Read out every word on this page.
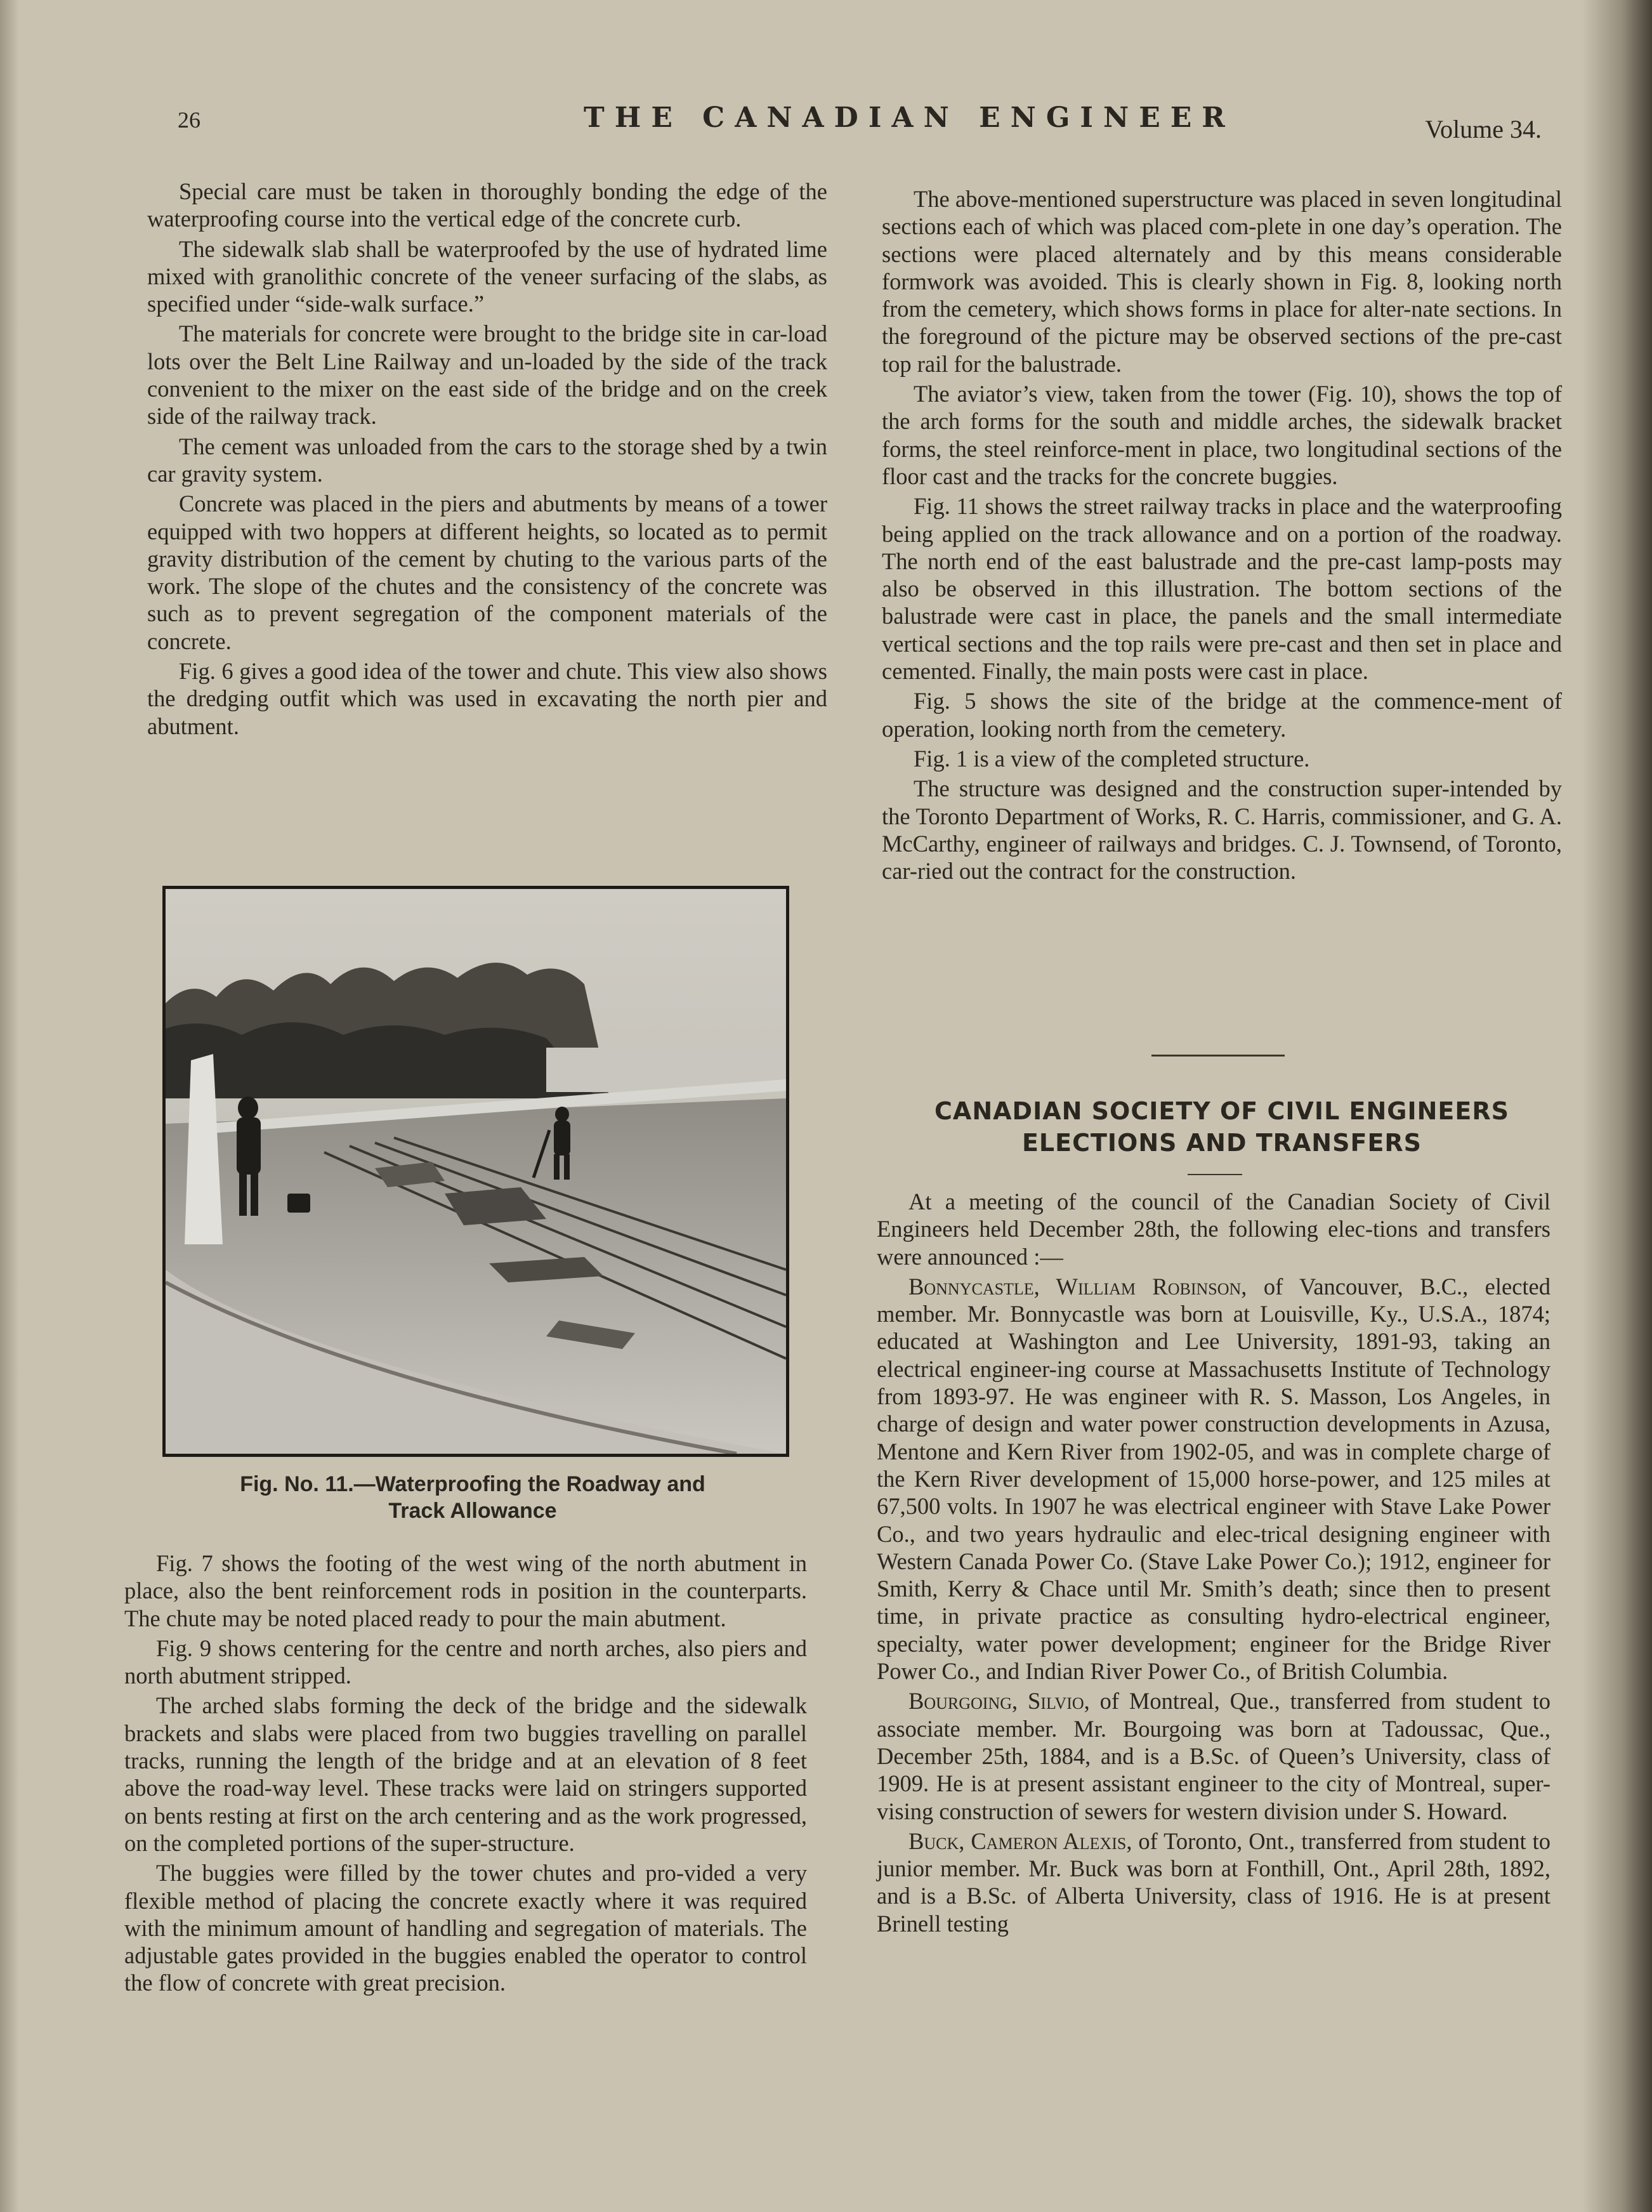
26	THE CANADIAN ENGINEER	Volume 34.

Special care must be taken in thoroughly bonding the edge of the waterproofing course into the vertical edge of the concrete curb.

The sidewalk slab shall be waterproofed by the use of hydrated lime mixed with granolithic concrete of the veneer surfacing of the slabs, as specified under “side-walk surface.”

The materials for concrete were brought to the bridge site in car-load lots over the Belt Line Railway and un-loaded by the side of the track convenient to the mixer on the east side of the bridge and on the creek side of the railway track.

The cement was unloaded from the cars to the storage shed by a twin car gravity system.

Concrete was placed in the piers and abutments by means of a tower equipped with two hoppers at different heights, so located as to permit gravity distribution of the cement by chuting to the various parts of the work. The slope of the chutes and the consistency of the concrete was such as to prevent segregation of the component materials of the concrete.

Fig. 6 gives a good idea of the tower and chute. This view also shows the dredging outfit which was used in excavating the north pier and abutment.

Fig. No. 11.—Waterproofing the Roadway and
Track Allowance

Fig. 7 shows the footing of the west wing of the north abutment in place, also the bent reinforcement rods in position in the counterparts. The chute may be noted placed ready to pour the main abutment.

Fig. 9 shows centering for the centre and north arches, also piers and north abutment stripped.

The arched slabs forming the deck of the bridge and the sidewalk brackets and slabs were placed from two buggies travelling on parallel tracks, running the length of the bridge and at an elevation of 8 feet above the road-way level. These tracks were laid on stringers supported on bents resting at first on the arch centering and as the work progressed, on the completed portions of the super-structure.

The buggies were filled by the tower chutes and pro-vided a very flexible method of placing the concrete exactly where it was required with the minimum amount of handling and segregation of materials. The adjustable gates provided in the buggies enabled the operator to control the flow of concrete with great precision.

The above-mentioned superstructure was placed in seven longitudinal sections each of which was placed com-plete in one day’s operation. The sections were placed alternately and by this means considerable formwork was avoided. This is clearly shown in Fig. 8, looking north from the cemetery, which shows forms in place for alter-nate sections. In the foreground of the picture may be observed sections of the pre-cast top rail for the balustrade.

The aviator’s view, taken from the tower (Fig. 10), shows the top of the arch forms for the south and middle arches, the sidewalk bracket forms, the steel reinforce-ment in place, two longitudinal sections of the floor cast and the tracks for the concrete buggies.

Fig. 11 shows the street railway tracks in place and the waterproofing being applied on the track allowance and on a portion of the roadway. The north end of the east balustrade and the pre-cast lamp-posts may also be observed in this illustration. The bottom sections of the balustrade were cast in place, the panels and the small intermediate vertical sections and the top rails were pre-cast and then set in place and cemented. Finally, the main posts were cast in place.

Fig. 5 shows the site of the bridge at the commence-ment of operation, looking north from the cemetery.

Fig. 1 is a view of the completed structure.

The structure was designed and the construction super-intended by the Toronto Department of Works, R. C. Harris, commissioner, and G. A. McCarthy, engineer of railways and bridges. C. J. Townsend, of Toronto, car-ried out the contract for the construction.

CANADIAN SOCIETY OF CIVIL ENGINEERS
ELECTIONS AND TRANSFERS

At a meeting of the council of the Canadian Society of Civil Engineers held December 28th, the following elec-tions and transfers were announced :—

Bonnycastle, William Robinson, of Vancouver, B.C., elected member. Mr. Bonnycastle was born at Louisville, Ky., U.S.A., 1874; educated at Washington and Lee University, 1891-93, taking an electrical engineer-ing course at Massachusetts Institute of Technology from 1893-97. He was engineer with R. S. Masson, Los Angeles, in charge of design and water power construction developments in Azusa, Mentone and Kern River from 1902-05, and was in complete charge of the Kern River development of 15,000 horse-power, and 125 miles at 67,500 volts. In 1907 he was electrical engineer with Stave Lake Power Co., and two years hydraulic and elec-trical designing engineer with Western Canada Power Co. (Stave Lake Power Co.); 1912, engineer for Smith, Kerry & Chace until Mr. Smith’s death; since then to present time, in private practice as consulting hydro-electrical engineer, specialty, water power development; engineer for the Bridge River Power Co., and Indian River Power Co., of British Columbia.

Bourgoing, Silvio, of Montreal, Que., transferred from student to associate member. Mr. Bourgoing was born at Tadoussac, Que., December 25th, 1884, and is a B.Sc. of Queen’s University, class of 1909. He is at present assistant engineer to the city of Montreal, super-vising construction of sewers for western division under S. Howard.

Buck, Cameron Alexis, of Toronto, Ont., transferred from student to junior member. Mr. Buck was born at Fonthill, Ont., April 28th, 1892, and is a B.Sc. of Alberta University, class of 1916. He is at present Brinell testing
